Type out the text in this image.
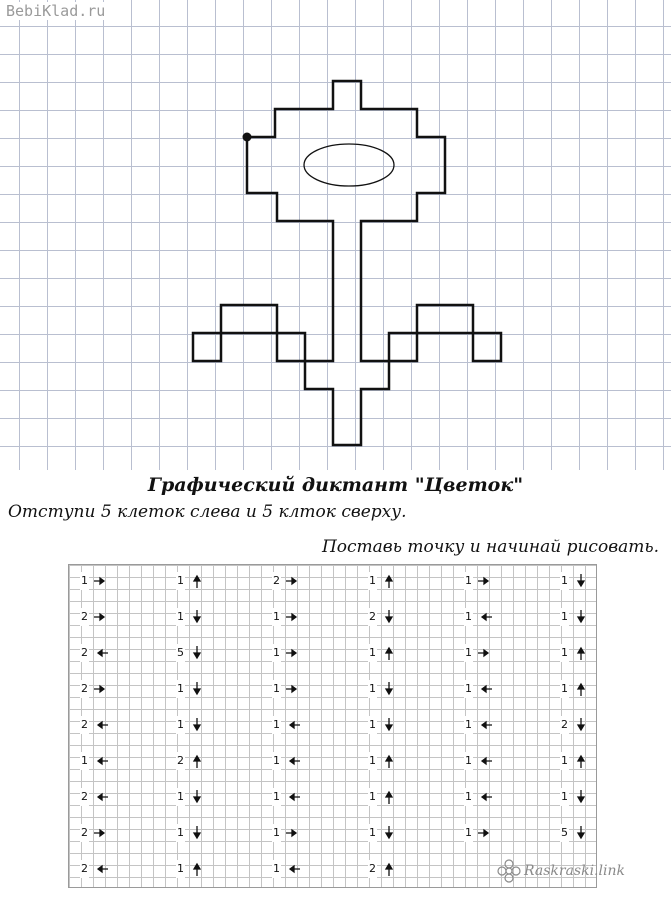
BebiKlad.ru
Графический диктант "Цветок"
Отступи 5 клеток слева и 5 клток сверху.
Поставь точку и начинай рисовать.
1	1	2	1	1	1
2	1	1	2	1	1
2	5	1	1	1	1
2	1	1	1	1	1
2	1	1	1	1	2
1	2	1	1	1	1
2	1	1	1	1	1
2	1	1	1	1	5
2	1	1	2	Raskraski.link
